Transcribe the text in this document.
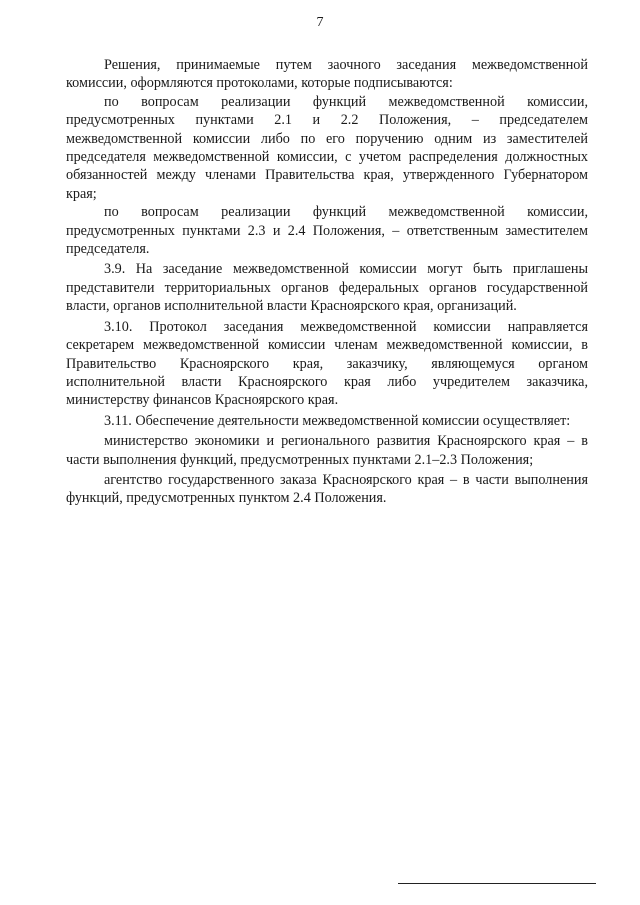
7

Решения, принимаемые путем заочного заседания межведомственной комиссии, оформляются протоколами, которые подписываются:

по вопросам реализации функций межведомственной комиссии, предусмотренных пунктами 2.1 и 2.2 Положения, – председателем межведомственной комиссии либо по его поручению одним из заместителей председателя межведомственной комиссии, с учетом распределения должностных обязанностей между членами Правительства края, утвержденного Губернатором края;

по вопросам реализации функций межведомственной комиссии, предусмотренных пунктами 2.3 и 2.4 Положения, – ответственным заместителем председателя.

3.9. На заседание межведомственной комиссии могут быть приглашены представители территориальных органов федеральных органов государственной власти, органов исполнительной власти Красноярского края, организаций.

3.10. Протокол заседания межведомственной комиссии направляется секретарем межведомственной комиссии членам межведомственной комиссии, в Правительство Красноярского края, заказчику, являющемуся органом исполнительной власти Красноярского края либо учредителем заказчика, министерству финансов Красноярского края.

3.11. Обеспечение деятельности межведомственной комиссии осуществляет:

министерство экономики и регионального развития Красноярского края – в части выполнения функций, предусмотренных пунктами 2.1–2.3 Положения;

агентство государственного заказа Красноярского края – в части выполнения функций, предусмотренных пунктом 2.4 Положения.
